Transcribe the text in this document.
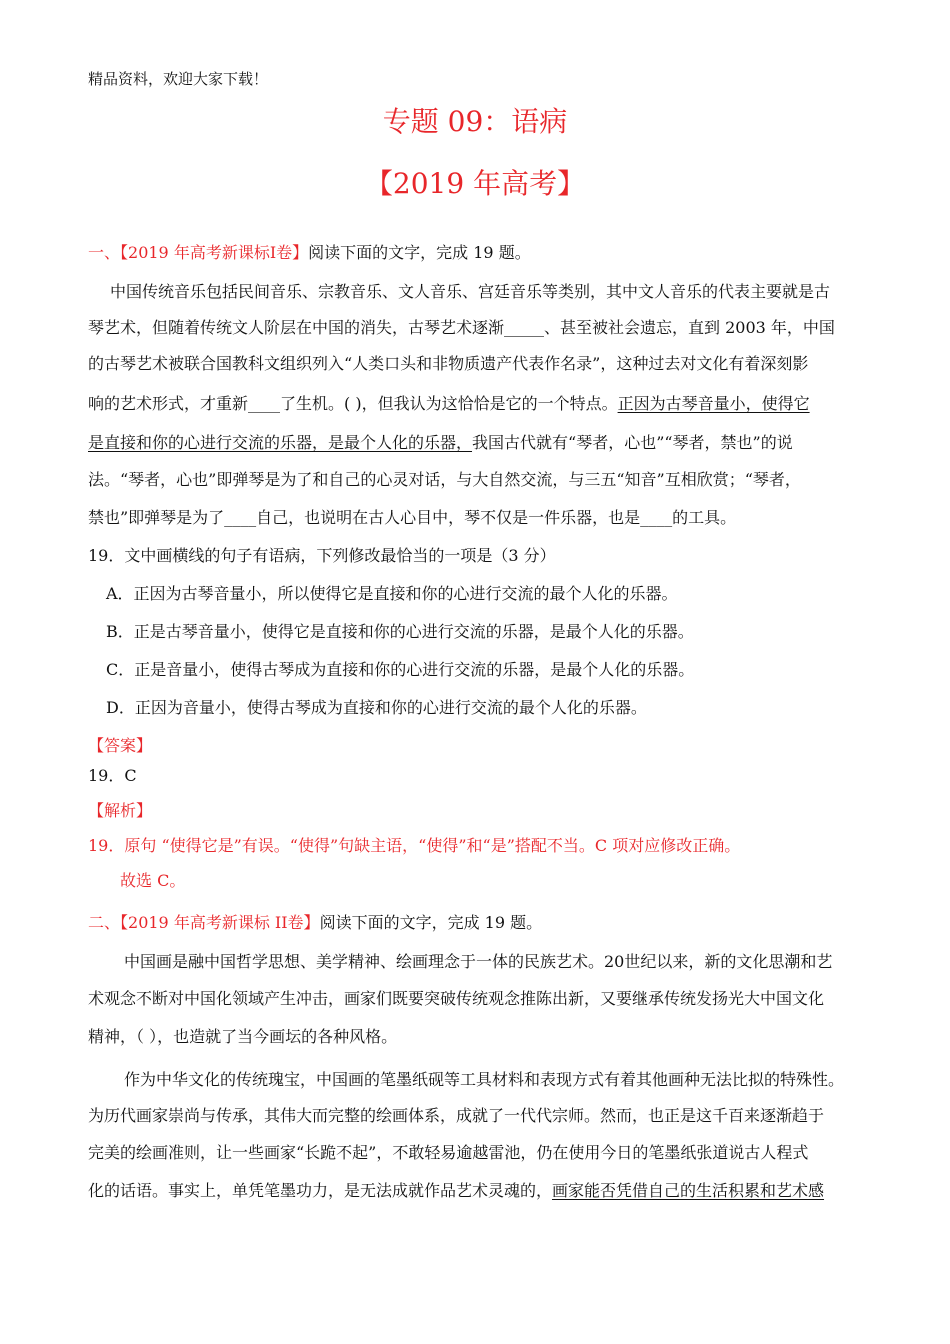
精品资料，欢迎大家下载！
专题 09：语病
【2019 年高考】
一、【2019 年高考新课标Ⅰ卷】阅读下面的文字，完成 19 题。
中国传统音乐包括民间音乐、宗教音乐、文人音乐、宫廷音乐等类别，其中文人音乐的代表主要就是古
琴艺术，但随着传统文人阶层在中国的消失，古琴艺术逐渐_____、甚至被社会遗忘，直到 2003 年，中国
的古琴艺术被联合国教科文组织列入“人类口头和非物质遗产代表作名录”，这种过去对文化有着深刻影
响的艺术形式，才重新____了生机。( )，但我认为这恰恰是它的一个特点。正因为古琴音量小，使得它
是直接和你的心进行交流的乐器，是最个人化的乐器，我国古代就有“琴者，心也”“琴者，禁也”的说
法。“琴者，心也”即弹琴是为了和自己的心灵对话，与大自然交流，与三五“知音”互相欣赏；“琴者，
禁也”即弹琴是为了____自己，也说明在古人心目中，琴不仅是一件乐器，也是____的工具。
19．文中画横线的句子有语病，下列修改最恰当的一项是（3 分）
A．正因为古琴音量小，所以使得它是直接和你的心进行交流的最个人化的乐器。
B．正是古琴音量小，使得它是直接和你的心进行交流的乐器，是最个人化的乐器。
C．正是音量小，使得古琴成为直接和你的心进行交流的乐器，是最个人化的乐器。
D．正因为音量小，使得古琴成为直接和你的心进行交流的最个人化的乐器。
【答案】
19．C
【解析】
19．原句 “使得它是”有误。“使得”句缺主语，“使得”和“是”搭配不当。C 项对应修改正确。
故选 C。
二、【2019 年高考新课标 II卷】阅读下面的文字，完成 19 题。
中国画是融中国哲学思想、美学精神、绘画理念于一体的民族艺术。20世纪以来，新的文化思潮和艺
术观念不断对中国化领域产生冲击，画家们既要突破传统观念推陈出新，又要继承传统发扬光大中国文化
精神，（ ），也造就了当今画坛的各种风格。
作为中华文化的传统瑰宝，中国画的笔墨纸砚等工具材料和表现方式有着其他画种无法比拟的特殊性。
为历代画家崇尚与传承，其伟大而完整的绘画体系，成就了一代代宗师。然而，也正是这千百来逐渐趋于
完美的绘画准则，让一些画家“长跪不起”，不敢轻易逾越雷池，仍在使用今日的笔墨纸张道说古人程式
化的话语。事实上，单凭笔墨功力，是无法成就作品艺术灵魂的，画家能否凭借自己的生活积累和艺术感
